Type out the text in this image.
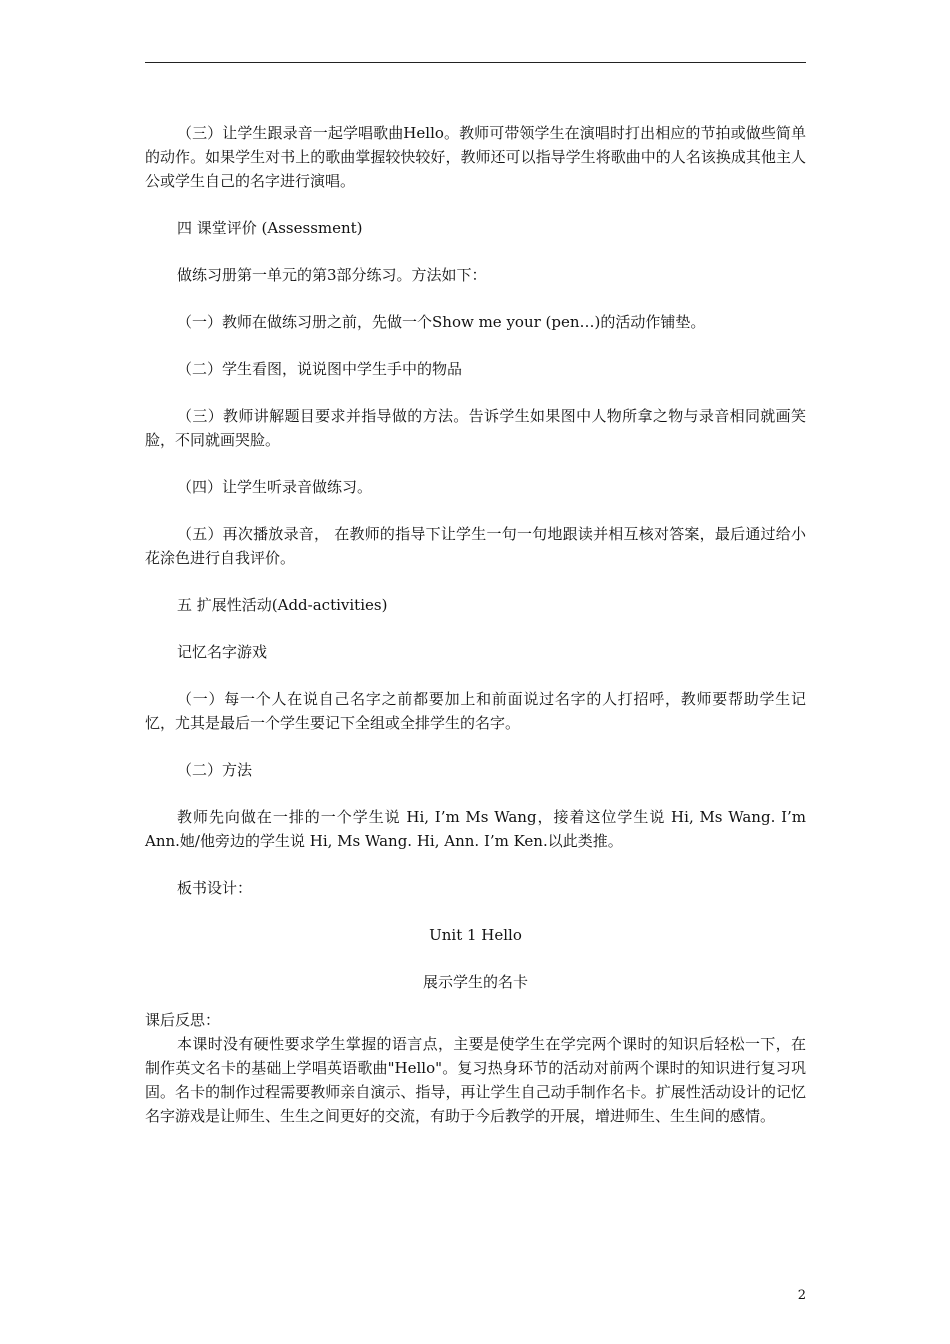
（三）让学生跟录音一起学唱歌曲Hello。教师可带领学生在演唱时打出相应的节拍或做些简单的动作。如果学生对书上的歌曲掌握较快较好，教师还可以指导学生将歌曲中的人名该换成其他主人公或学生自己的名字进行演唱。

四 课堂评价 (Assessment)

做练习册第一单元的第3部分练习。方法如下：

（一）教师在做练习册之前，先做一个Show me your (pen…)的活动作铺垫。

（二）学生看图，说说图中学生手中的物品

（三）教师讲解题目要求并指导做的方法。告诉学生如果图中人物所拿之物与录音相同就画笑脸，不同就画哭脸。

（四）让学生听录音做练习。

（五）再次播放录音， 在教师的指导下让学生一句一句地跟读并相互核对答案，最后通过给小花涂色进行自我评价。

五 扩展性活动(Add-activities)

记忆名字游戏

（一）每一个人在说自己名字之前都要加上和前面说过名字的人打招呼，教师要帮助学生记忆，尤其是最后一个学生要记下全组或全排学生的名字。

（二）方法

教师先向做在一排的一个学生说 Hi, I’m Ms Wang，接着这位学生说 Hi, Ms Wang. I’m Ann.她/他旁边的学生说 Hi, Ms Wang. Hi, Ann. I’m Ken.以此类推。

板书设计：

Unit 1 Hello

展示学生的名卡

课后反思：

本课时没有硬性要求学生掌握的语言点，主要是使学生在学完两个课时的知识后轻松一下，在制作英文名卡的基础上学唱英语歌曲"Hello"。复习热身环节的活动对前两个课时的知识进行复习巩固。名卡的制作过程需要教师亲自演示、指导，再让学生自己动手制作名卡。扩展性活动设计的记忆名字游戏是让师生、生生之间更好的交流，有助于今后教学的开展，增进师生、生生间的感情。

2
